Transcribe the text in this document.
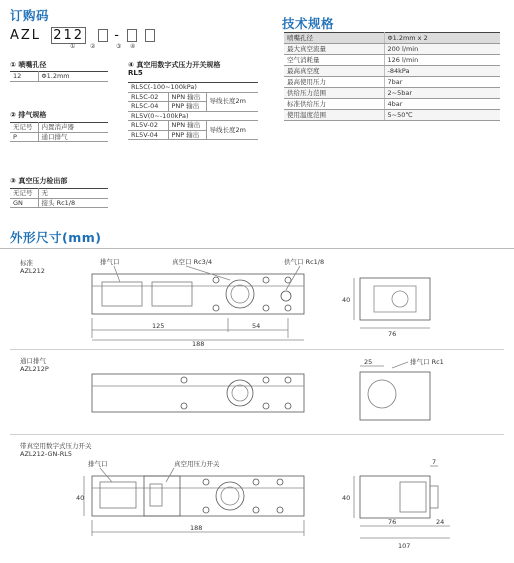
订购码
AZL 212 -
① ②	③ ④
① 喷嘴孔径
12	Φ1.2mm
② 排气规格
无记号	内置消声器
P	通口排气
③ 真空压力检出部
无记号	无
GN	接头 Rc1/8
④ 真空用数字式压力开关规格
RL5
RL5C(-100~100kPa)		
RL5C-02	NPN 输出	导线长度2m
RL5C-04	PNP 输出	
RL5V(0~-100kPa)		
RL5V-02	NPN 输出	导线长度2m
RL5V-04	PNP 输出	
技术规格
喷嘴孔径	Φ1.2mm x 2
最大真空流量	200 l/min
空气消耗量	126 l/min
最高真空度	-84kPa
最高使用压力	7bar
供给压力范围	2~5bar
标准供给压力	4bar
使用温度范围	5~50℃
外形尺寸(mm)
标准
AZL212
排气口	真空口 Rc3/4	供气口 Rc1/8
125	54
188
40
76
通口排气
AZL212P
25	排气口 Rc1
带真空用数字式压力开关
AZL212-GN-RL5
排气口	真空用压力开关
40
188
40
7
76	24
107
